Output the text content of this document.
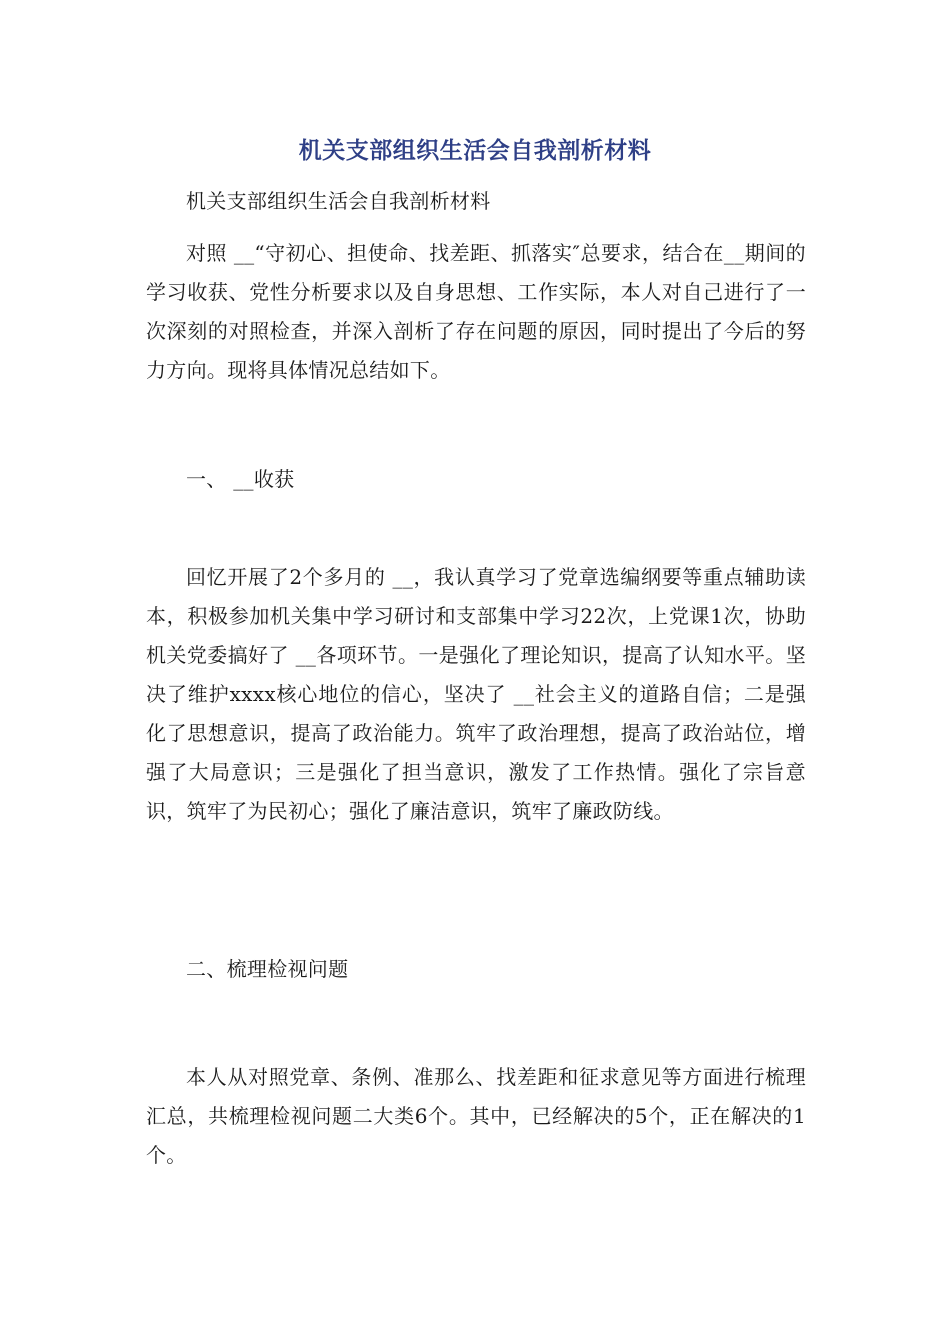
机关支部组织生活会自我剖析材料

机关支部组织生活会自我剖析材料

对照 __“守初心、担使命、找差距、抓落实″总要求，结合在__期间的学习收获、党性分析要求以及自身思想、工作实际，本人对自己进行了一次深刻的对照检查，并深入剖析了存在问题的原因，同时提出了今后的努力方向。现将具体情况总结如下。

一、 __收获

回忆开展了2个多月的 __，我认真学习了党章选编纲要等重点辅助读本，积极参加机关集中学习研讨和支部集中学习22次，上党课1次，协助机关党委搞好了 __各项环节。一是强化了理论知识，提高了认知水平。坚决了维护xxxx核心地位的信心，坚决了 __社会主义的道路自信；二是强化了思想意识，提高了政治能力。筑牢了政治理想，提高了政治站位，增强了大局意识；三是强化了担当意识，激发了工作热情。强化了宗旨意识，筑牢了为民初心；强化了廉洁意识，筑牢了廉政防线。

二、梳理检视问题

本人从对照党章、条例、准那么、找差距和征求意见等方面进行梳理汇总，共梳理检视问题二大类6个。其中，已经解决的5个，正在解决的1个。
